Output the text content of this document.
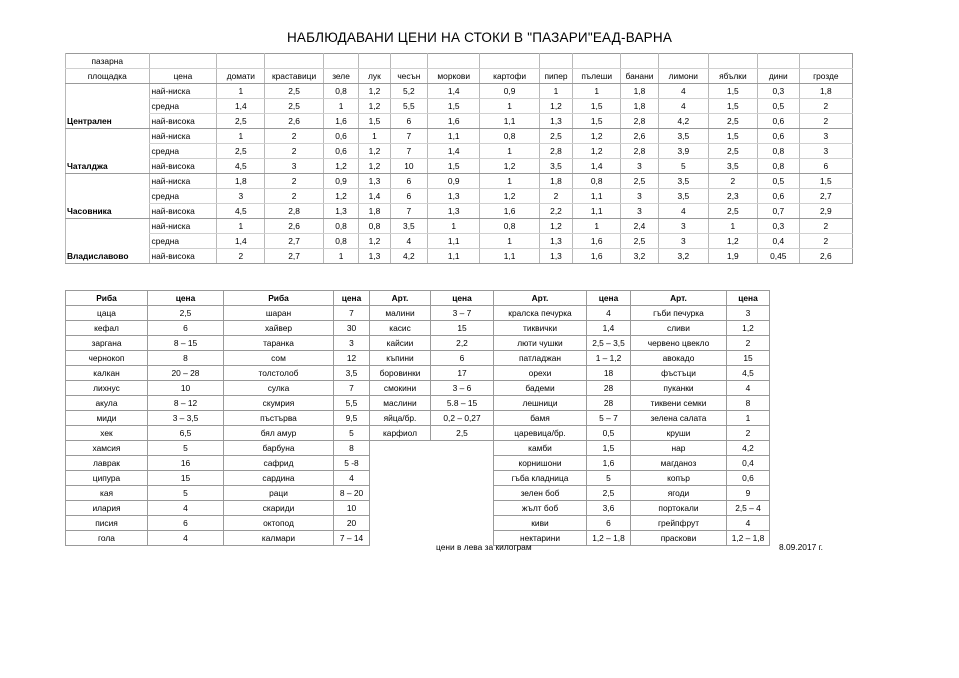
НАБЛЮДАВАНИ ЦЕНИ НА СТОКИ В "ПАЗАРИ"ЕАД-ВАРНА
пазарна															
площадка	цена	домати	краставици	зеле	лук	чесън	моркови	картофи	пипер	пълеши	банани	лимони	ябълки	дини	грозде
	най-ниска	1	2,5	0,8	1,2	5,2	1,4	0,9	1	1	1,8	4	1,5	0,3	1,8
	средна	1,4	2,5	1	1,2	5,5	1,5	1	1,2	1,5	1,8	4	1,5	0,5	2
Централен	най-висока	2,5	2,6	1,6	1,5	6	1,6	1,1	1,3	1,5	2,8	4,2	2,5	0,6	2
	най-ниска	1	2	0,6	1	7	1,1	0,8	2,5	1,2	2,6	3,5	1,5	0,6	3
	средна	2,5	2	0,6	1,2	7	1,4	1	2,8	1,2	2,8	3,9	2,5	0,8	3
Чаталджа	най-висока	4,5	3	1,2	1,2	10	1,5	1,2	3,5	1,4	3	5	3,5	0,8	6
	най-ниска	1,8	2	0,9	1,3	6	0,9	1	1,8	0,8	2,5	3,5	2	0,5	1,5
	средна	3	2	1,2	1,4	6	1,3	1,2	2	1,1	3	3,5	2,3	0,6	2,7
Часовника	най-висока	4,5	2,8	1,3	1,8	7	1,3	1,6	2,2	1,1	3	4	2,5	0,7	2,9
	най-ниска	1	2,6	0,8	0,8	3,5	1	0,8	1,2	1	2,4	3	1	0,3	2
	средна	1,4	2,7	0,8	1,2	4	1,1	1	1,3	1,6	2,5	3	1,2	0,4	2
Владиславово	най-висока	2	2,7	1	1,3	4,2	1,1	1,1	1,3	1,6	3,2	3,2	1,9	0,45	2,6
Риба	цена	Риба	цена	Арт.	цена	Арт.	цена	Арт.	цена
цаца	2,5	шаран	7	малини	3 – 7	кралска печурка	4	гъби печурка	3
кефал	6	хайвер	30	касис	15	тиквички	1,4	сливи	1,2
заргана	8 – 15	таранка	3	кайсии	2,2	люти чушки	2,5 – 3,5	червено цвекло	2
чернокоп	8	сом	12	къпини	6	патладжан	1 – 1,2	авокадо	15
калкан	20 – 28	толстолоб	3,5	боровинки	17	орехи	18	фъстъци	4,5
лихнус	10	сулка	7	смокини	3 – 6	бадеми	28	пуканки	4
акула	8 – 12	скумрия	5,5	маслини	5.8 – 15	лешници	28	тиквени семки	8
миди	3 – 3,5	пъстърва	9,5	яйца/бр.	0,2 – 0,27	бамя	5 – 7	зелена салата	1
хек	6,5	бял амур	5	карфиол	2,5	царевица/бр.	0,5	круши	2
хамсия	5	барбуна	8			камби	1,5	нар	4,2
лаврак	16	сафрид	5 -8			корнишони	1,6	магданоз	0,4
ципура	15	сардина	4			гъба кладница	5	копър	0,6
кая	5	раци	8 – 20			зелен боб	2,5	ягоди	9
илария	4	скариди	10			жълт боб	3,6	портокали	2,5 – 4
писия	6	октопод	20			киви	6	грейпфрут	4
гола	4	калмари	7 – 14			нектарини	1,2 – 1,8	праскови	1,2 – 1,8
цени в лева за килограм	8.09.2017 г.
